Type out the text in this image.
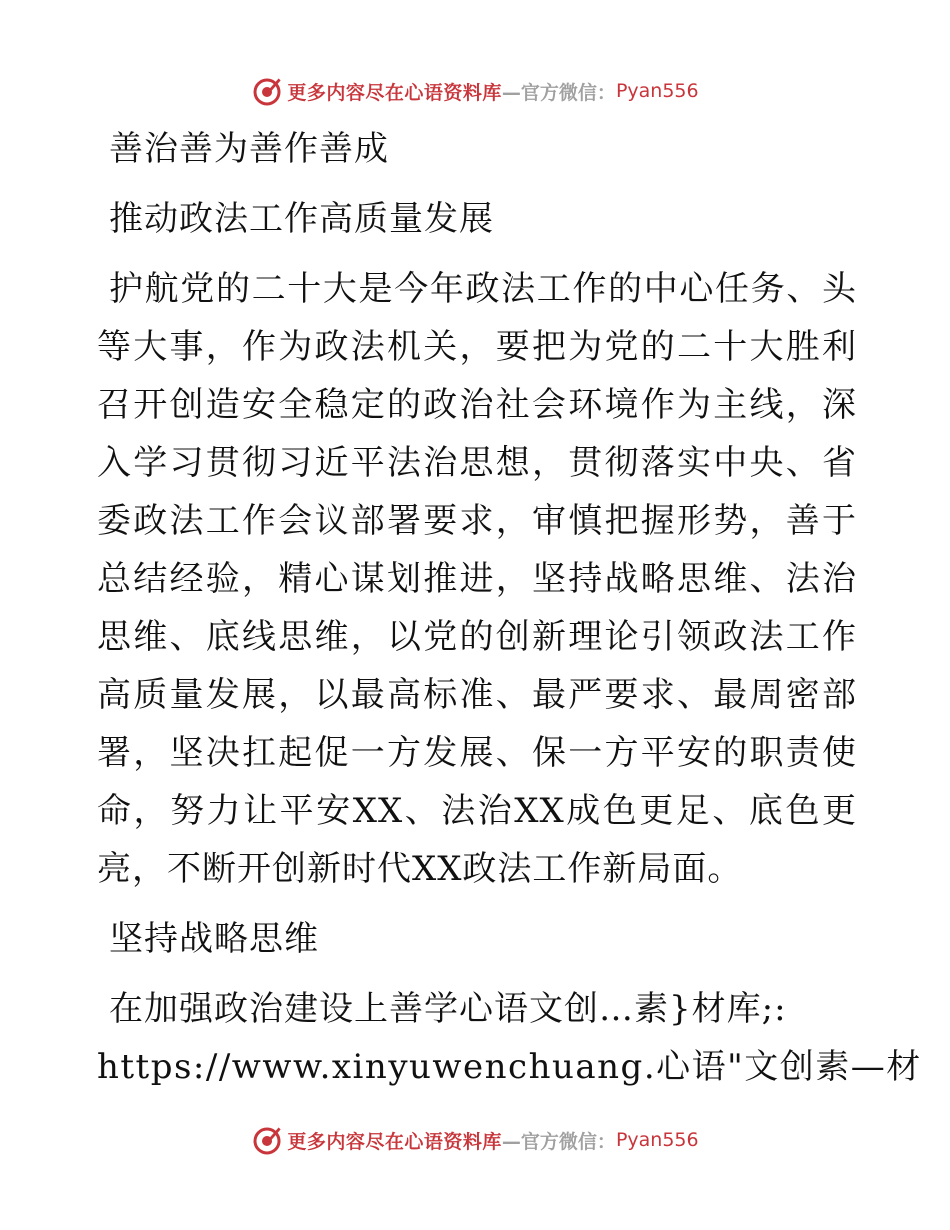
更多内容尽在心语资料库 —官方微信： Pyan556

善治善为善作善成

推动政法工作高质量发展

护航党的二十大是今年政法工作的中心任务、头等大事，作为政法机关，要把为党的二十大胜利召开创造安全稳定的政治社会环境作为主线，深入学习贯彻习近平法治思想，贯彻落实中央、省委政法工作会议部署要求，审慎把握形势，善于总结经验，精心谋划推进，坚持战略思维、法治思维、底线思维，以党的创新理论引领政法工作高质量发展，以最高标准、最严要求、最周密部署，坚决扛起促一方发展、保一方平安的职责使命，努力让平安XX、法治XX成色更足、底色更亮，不断开创新时代XX政法工作新局面。

坚持战略思维

在加强政治建设上善学心语文创…素}材库;:

https://www.xinyuwenchuang.心语"文创素—材

更多内容尽在心语资料库 —官方微信： Pyan556
